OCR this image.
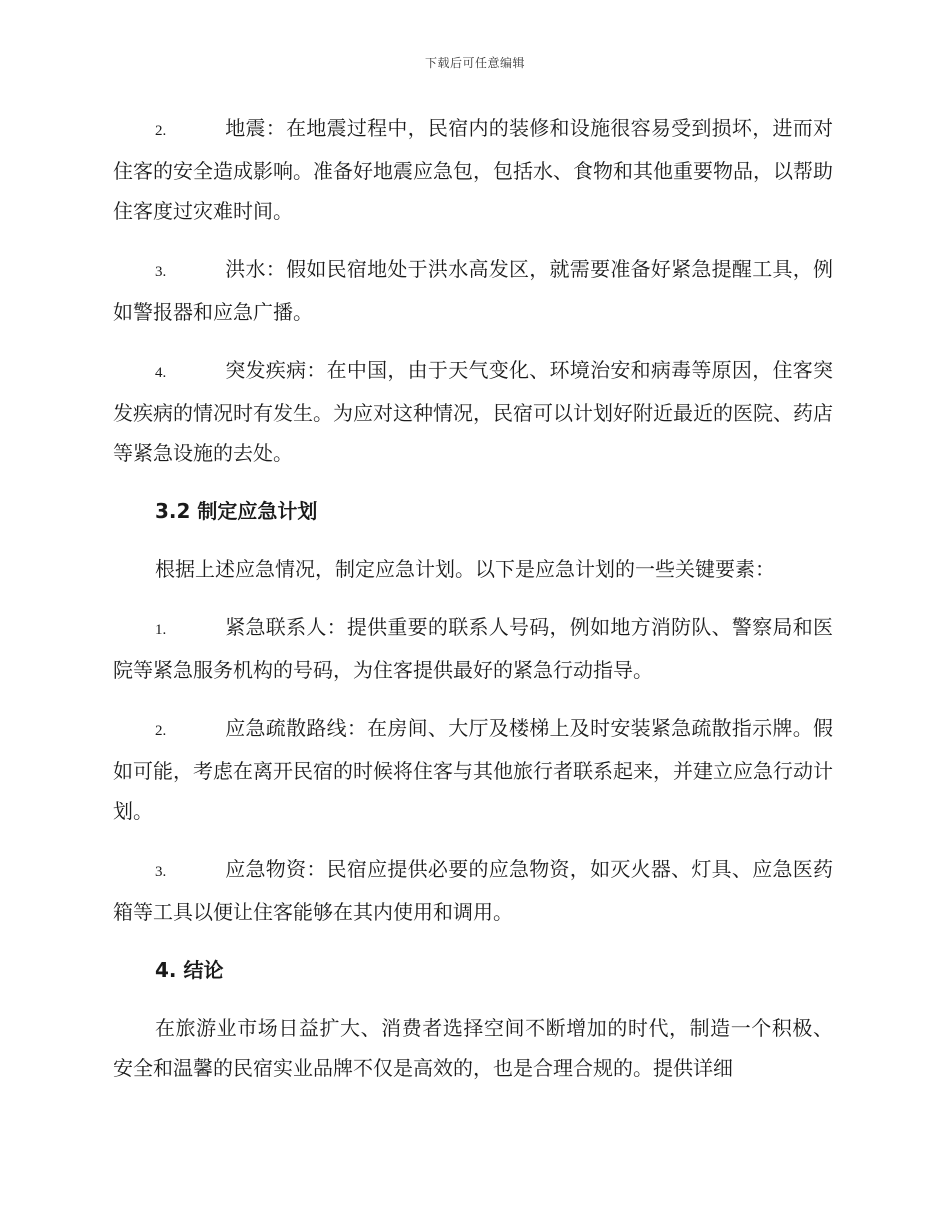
下载后可任意编辑

2.	地震：在地震过程中，民宿内的装修和设施很容易受到损坏，进而对住客的安全造成影响。准备好地震应急包，包括水、食物和其他重要物品，以帮助住客度过灾难时间。

3.	洪水：假如民宿地处于洪水高发区，就需要准备好紧急提醒工具，例如警报器和应急广播。

4.	突发疾病：在中国，由于天气变化、环境治安和病毒等原因，住客突发疾病的情况时有发生。为应对这种情况，民宿可以计划好附近最近的医院、药店等紧急设施的去处。

3.2 制定应急计划

根据上述应急情况，制定应急计划。以下是应急计划的一些关键要素：

1.	紧急联系人：提供重要的联系人号码，例如地方消防队、警察局和医院等紧急服务机构的号码，为住客提供最好的紧急行动指导。

2.	应急疏散路线：在房间、大厅及楼梯上及时安装紧急疏散指示牌。假如可能，考虑在离开民宿的时候将住客与其他旅行者联系起来，并建立应急行动计划。

3.	应急物资：民宿应提供必要的应急物资，如灭火器、灯具、应急医药箱等工具以便让住客能够在其内使用和调用。

4. 结论

在旅游业市场日益扩大、消费者选择空间不断增加的时代，制造一个积极、安全和温馨的民宿实业品牌不仅是高效的，也是合理合规的。提供详细
